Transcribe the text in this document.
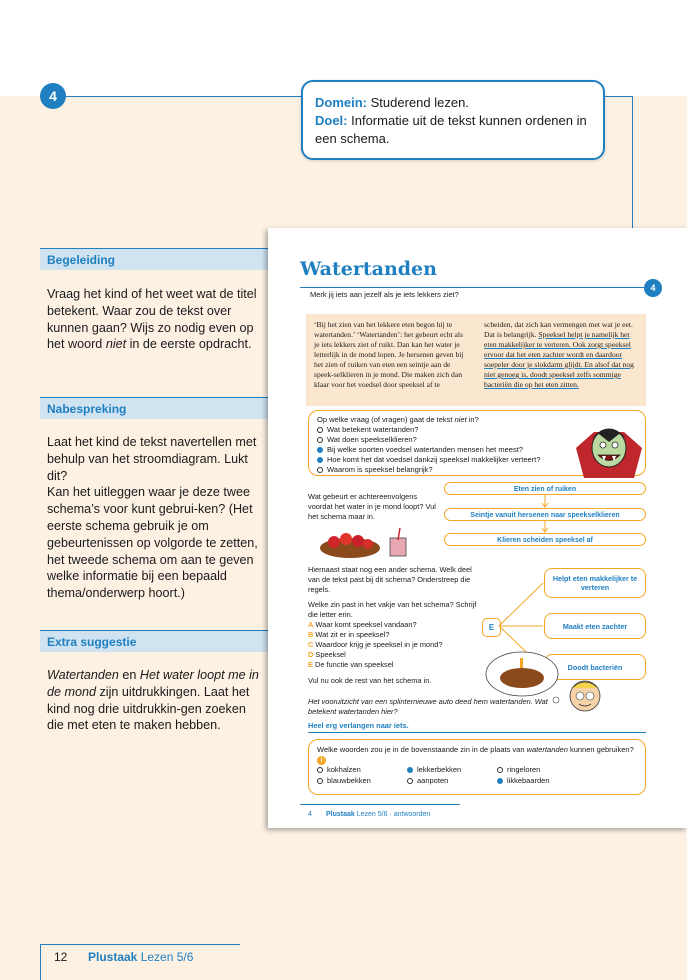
4	Domein: Studerend lezen.
Doel: Informatie uit de tekst kunnen ordenen in een schema.
Begeleiding
Vraag het kind of het weet wat de titel betekent. Waar zou de tekst over kunnen gaan? Wijs zo nodig even op het woord niet in de eerste opdracht.
Nabespreking
Laat het kind de tekst navertellen met behulp van het stroomdiagram. Lukt dit?
Kan het uitleggen waar je deze twee schema’s voor kunt gebrui-ken? (Het eerste schema gebruik je om gebeurtenissen op volgorde te zetten, het tweede schema om aan te geven welke informatie bij een bepaald thema/onderwerp hoort.)
Extra suggestie
Watertanden en Het water loopt me in de mond zijn uitdrukkingen. Laat het kind nog drie uitdrukkin-gen zoeken die met eten te maken hebben.
Watertanden
4
Merk jij iets aan jezelf als je iets lekkers ziet?
‘Bij het zien van het lekkere eten begon hij te watertanden.’ ‘Watertanden’: het gebeurt echt als je iets lekkers ziet of ruikt. Dan kan het water je letterlijk in de mond lopen. Je hersenen geven bij het zien of ruiken van eten een seintje aan de speek-selklieren in je mond. Die maken zich dan klaar voor het voedsel door speeksel af te
scheiden, dat zich kan vermengen met wat je eet. Dat is belangrijk. Speeksel helpt je namelijk het eten makkelijker te verteren. Ook zorgt speeksel ervoor dat het eten zachter wordt en daardoor soepeler door je slokdarm glijdt. En alsof dat nog niet genoeg is, doodt speeksel zelfs sommige bacteriën die op het eten zitten.
Op welke vraag (of vragen) gaat de tekst niet in?
Wat betekent watertanden?
Wat doen speekselklieren?
Bij welke soorten voedsel watertanden mensen het meest?
Hoe komt het dat voedsel dankzij speeksel makkelijker verteert?
Waarom is speeksel belangrijk?
Wat gebeurt er achtereenvolgens voordat het water in je mond loopt? Vul het schema maar in.
Eten zien of ruiken
Seintje vanuit hersenen naar speekselklieren
Klieren scheiden speeksel af
Hiernaast staat nog een ander schema. Welk deel van de tekst past bij dit schema? Onderstreep die regels.
Welke zin past in het vakje van het schema? Schrijf die letter erin.
A Waar komt speeksel vandaan?
B Wat zit er in speeksel?
C Waardoor krijg je speeksel in je mond?
D Speeksel
E De functie van speeksel
Vul nu ook de rest van het schema in.
E
Helpt eten makkelijker te verteren
Maakt eten zachter
Doodt bacteriën
Het vooruitzicht van een splinternieuwe auto deed hem watertanden. Wat betekent watertanden hier?
Heel erg verlangen naar iets.
Welke woorden zou je in de bovenstaande zin in de plaats van watertanden kunnen gebruiken? i
kokhalzen	lekkerbekken	ringeloren
blauwbekken	aanpoten	likkebaarden
4 Plustaak Lezen 5/6 · antwoorden
12 Plustaak Lezen 5/6
